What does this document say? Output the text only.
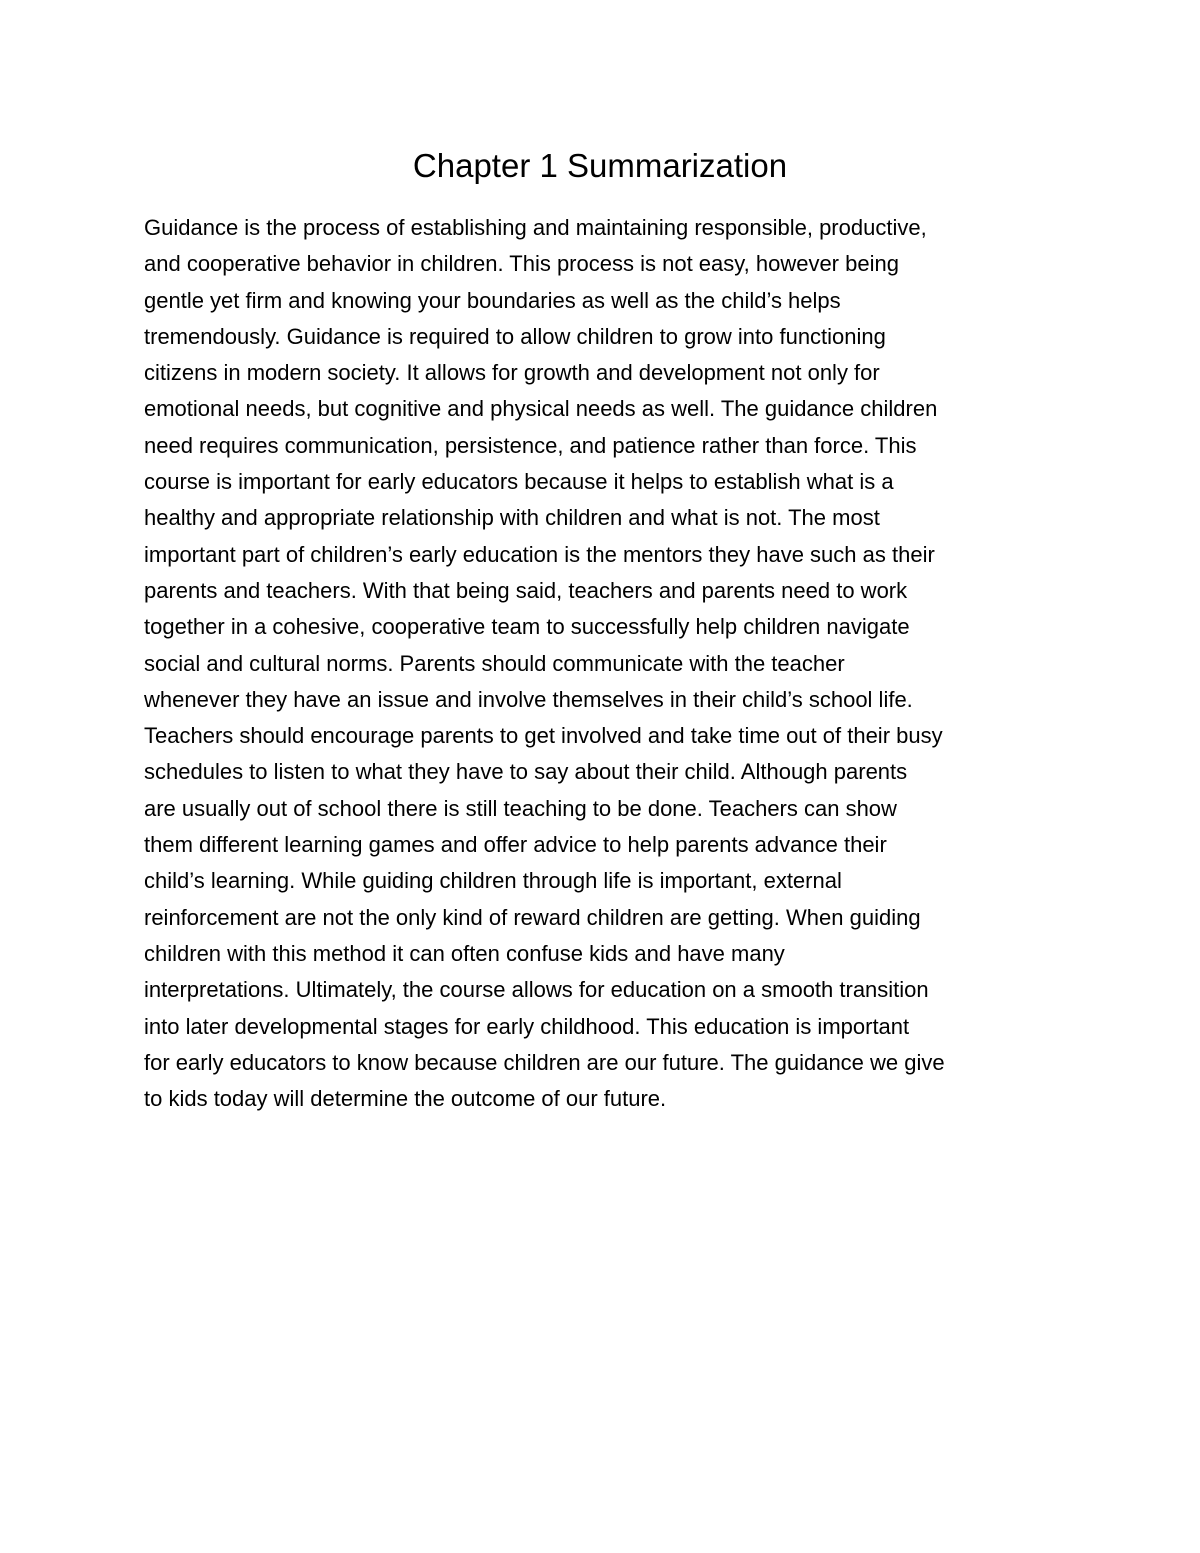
Chapter 1 Summarization
Guidance is the process of establishing and maintaining responsible, productive,
and cooperative behavior in children. This process is not easy, however being
gentle yet firm and knowing your boundaries as well as the child’s helps
tremendously. Guidance is required to allow children to grow into functioning
citizens in modern society. It allows for growth and development not only for
emotional needs, but cognitive and physical needs as well. The guidance children
need requires communication, persistence, and patience rather than force. This
course is important for early educators because it helps to establish what is a
healthy and appropriate relationship with children and what is not. The most
important part of children’s early education is the mentors they have such as their
parents and teachers. With that being said, teachers and parents need to work
together in a cohesive, cooperative team to successfully help children navigate
social and cultural norms. Parents should communicate with the teacher
whenever they have an issue and involve themselves in their child’s school life.
Teachers should encourage parents to get involved and take time out of their busy
schedules to listen to what they have to say about their child. Although parents
are usually out of school there is still teaching to be done. Teachers can show
them different learning games and offer advice to help parents advance their
child’s learning. While guiding children through life is important, external
reinforcement are not the only kind of reward children are getting. When guiding
children with this method it can often confuse kids and have many
interpretations. Ultimately, the course allows for education on a smooth transition
into later developmental stages for early childhood. This education is important
for early educators to know because children are our future. The guidance we give
to kids today will determine the outcome of our future.
